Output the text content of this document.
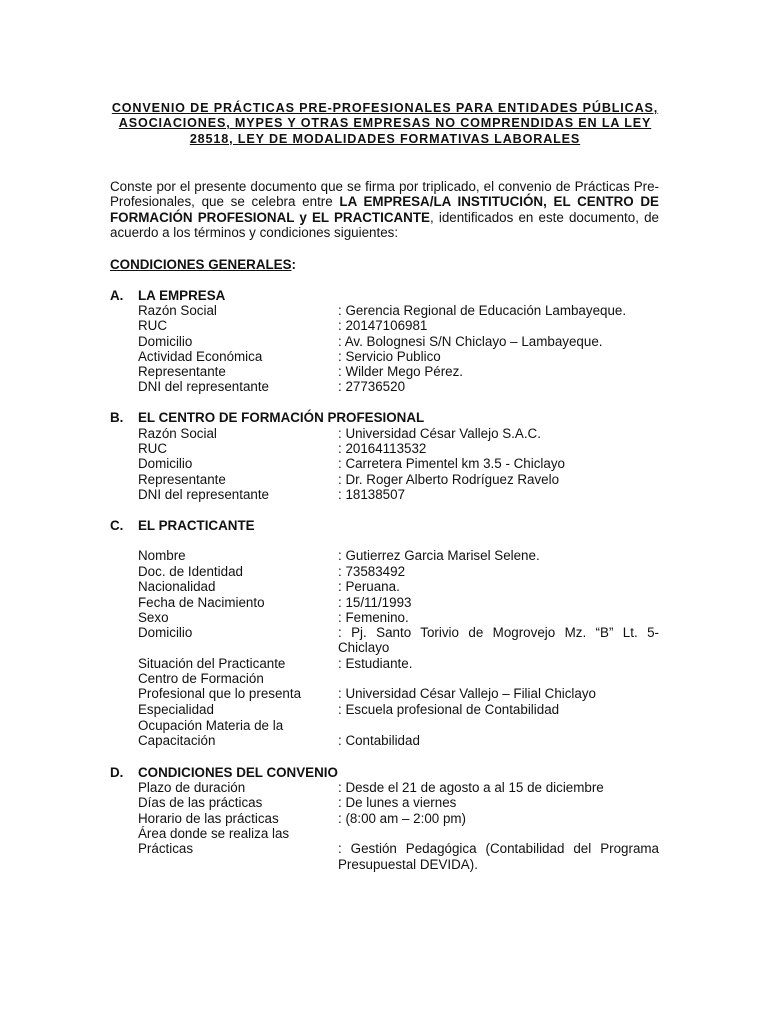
CONVENIO DE PRÁCTICAS PRE-PROFESIONALES PARA ENTIDADES PÚBLICAS, ASOCIACIONES, MYPES Y OTRAS EMPRESAS NO COMPRENDIDAS EN LA LEY 28518, LEY DE MODALIDADES FORMATIVAS LABORALES
Conste por el presente documento que se firma por triplicado, el convenio de Prácticas Pre-Profesionales, que se celebra entre LA EMPRESA/LA INSTITUCIÓN, EL CENTRO DE FORMACIÓN PROFESIONAL y EL PRACTICANTE, identificados en este documento, de acuerdo a los términos y condiciones siguientes:
CONDICIONES GENERALES:
A. LA EMPRESA
Razón Social	: Gerencia Regional de Educación Lambayeque.
RUC	: 20147106981
Domicilio	: Av. Bolognesi S/N Chiclayo – Lambayeque.
Actividad Económica	: Servicio Publico
Representante	: Wilder Mego Pérez.
DNI del representante	: 27736520
B. EL CENTRO DE FORMACIÓN PROFESIONAL
Razón Social	: Universidad César Vallejo S.A.C.
RUC	: 20164113532
Domicilio	: Carretera Pimentel km 3.5 - Chiclayo
Representante	: Dr. Roger Alberto Rodríguez Ravelo
DNI del representante	: 18138507
C. EL PRACTICANTE
Nombre	: Gutierrez Garcia Marisel Selene.
Doc. de Identidad	: 73583492
Nacionalidad	: Peruana.
Fecha de Nacimiento	: 15/11/1993
Sexo	: Femenino.
Domicilio	: Pj. Santo Torivio de Mogrovejo Mz. “B” Lt. 5- Chiclayo
Situación del Practicante	: Estudiante.
Centro de Formación Profesional que lo presenta	: Universidad César Vallejo – Filial Chiclayo
Especialidad	: Escuela profesional de Contabilidad
Ocupación Materia de la Capacitación	: Contabilidad
D. CONDICIONES DEL CONVENIO
Plazo de duración	: Desde el 21 de agosto a al 15 de diciembre
Días de las prácticas	: De lunes a viernes
Horario de las prácticas	: (8:00 am – 2:00 pm)
Área donde se realiza las Prácticas	: Gestión Pedagógica (Contabilidad del Programa Presupuestal DEVIDA).
